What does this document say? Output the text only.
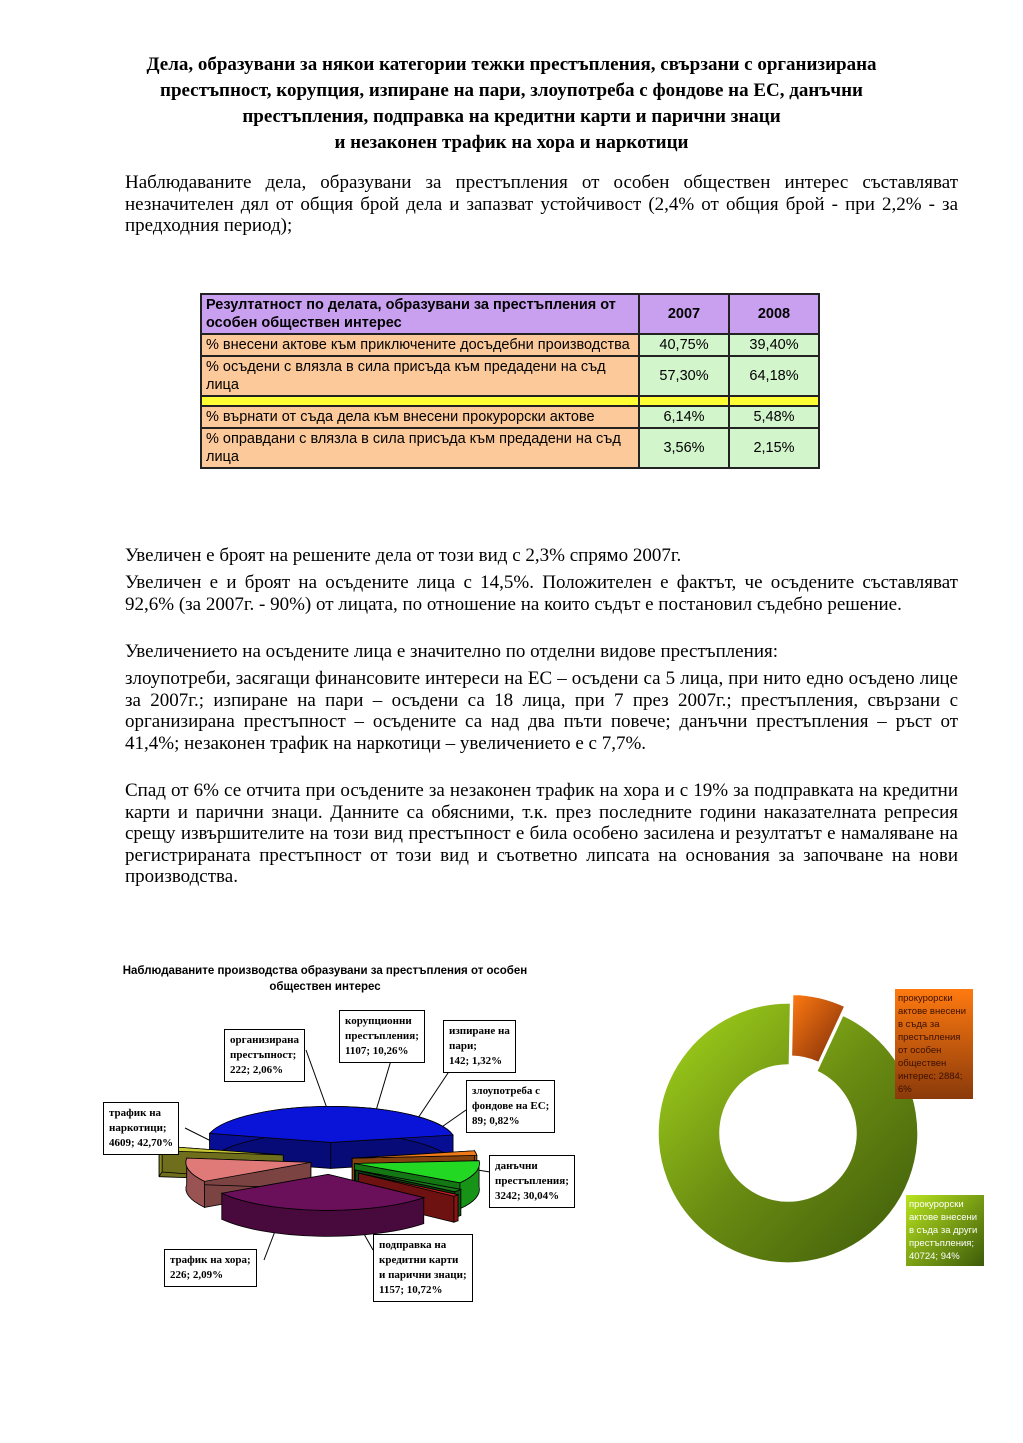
Дела, образувани за някои категории тежки престъпления, свързани с организирана
престъпност, корупция, изпиране на пари, злоупотреба с фондове на ЕС, данъчни
престъпления, подправка на кредитни карти и парични знаци
и незаконен трафик на хора и наркотици
Наблюдаваните дела, образувани за престъпления от особен обществен интерес съставляват незначителен дял от общия брой дела и запазват устойчивост (2,4% от общия брой - при 2,2% - за предходния период);
Резултатност по делата, образувани за престъпления от особен обществен интерес	2007	2008
% внесени актове към приключените досъдебни производства	40,75%	39,40%
% осъдени с влязла в сила присъда към предадени на съд лица	57,30%	64,18%

% върнати от съда дела към внесени прокурорски актове	6,14%	5,48%
% оправдани с влязла в сила присъда към предадени на съд лица	3,56%	2,15%
Увеличен е броят на решените дела от този вид с 2,3% спрямо 2007г.
Увеличен е и броят на осъдените лица с 14,5%. Положителен е фактът, че осъдените съставляват 92,6% (за 2007г. - 90%) от лицата, по отношение на които съдът е постановил съдебно решение.
Увеличението на осъдените лица е значително по отделни видове престъпления:
злоупотреби, засягащи финансовите интереси на ЕС – осъдени са 5 лица, при нито едно осъдено лице за 2007г.; изпиране на пари – осъдени са 18 лица, при 7 през 2007г.; престъпления, свързани с организирана престъпност – осъдените са над два пъти повече; данъчни престъпления – ръст от 41,4%; незаконен трафик на наркотици – увеличението е с 7,7%.
Спад от 6% се отчита при осъдените за незаконен трафик на хора и с 19% за подправката на кредитни карти и парични знаци. Данните са обясними, т.к. през последните години наказателната репресия срещу извършителите на този вид престъпност е била особено засилена и резултатът е намаляване на регистрираната престъпност от този вид и съответно липсата на основания за започване на нови производства.
Наблюдаваните производства образувани за престъпления от особен обществен интерес
трафик на
наркотици;
4609; 42,70%
организирана
престъпност;
222; 2,06%
корупционни
престъпления;
1107; 10,26%
изпиране на
пари;
142; 1,32%
злоупотреба с
фондове на ЕС;
89; 0,82%
данъчни
престъпления;
3242; 30,04%
подправка на
кредитни карти
и парични знаци;
1157; 10,72%
трафик на хора;
226; 2,09%
прокурорски актове внесени в съда за престъпления от особен обществен интерес; 2884; 6%
прокурорски актове внесени в съда за други престъпления; 40724; 94%
